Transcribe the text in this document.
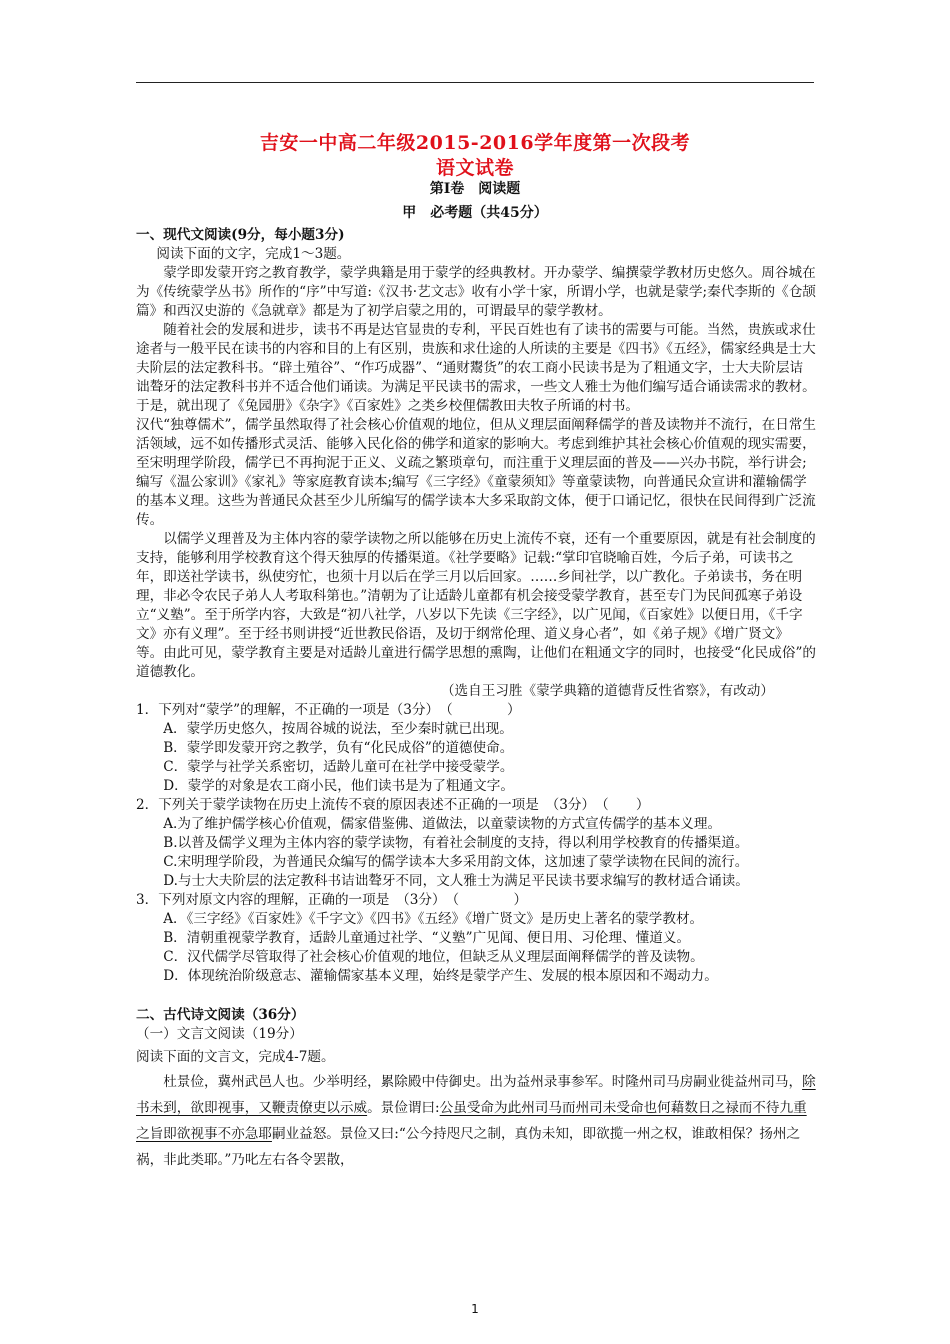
吉安一中高二年级2015-2016学年度第一次段考
语文试卷
第Ⅰ卷　阅读题
甲　必考题（共45分）

一、现代文阅读(9分，每小题3分)

阅读下面的文字，完成1～3题。

蒙学即发蒙开窍之教育教学，蒙学典籍是用于蒙学的经典教材。开办蒙学、编撰蒙学教材历史悠久。周谷城在为《传统蒙学丛书》所作的“序”中写道:《汉书·艺文志》收有小学十家，所谓小学，也就是蒙学;秦代李斯的《仓颉篇》和西汉史游的《急就章》都是为了初学启蒙之用的，可谓最早的蒙学教材。

随着社会的发展和进步，读书不再是达官显贵的专利，平民百姓也有了读书的需要与可能。当然，贵族或求仕途者与一般平民在读书的内容和目的上有区别，贵族和求仕途的人所读的主要是《四书》《五经》，儒家经典是士大夫阶层的法定教科书。“辟土殖谷”、“作巧成器”、“通财鬻货”的农工商小民读书是为了粗通文字，士大夫阶层诘诎聱牙的法定教科书并不适合他们诵读。为满足平民读书的需求，一些文人雅士为他们编写适合诵读需求的教材。于是，就出现了《兔园册》《杂字》《百家姓》之类乡校俚儒教田夫牧子所诵的村书。

汉代“独尊儒术”，儒学虽然取得了社会核心价值观的地位，但从义理层面阐释儒学的普及读物并不流行，在日常生活领域，远不如传播形式灵活、能够入民化俗的佛学和道家的影响大。考虑到维护其社会核心价值观的现实需要，至宋明理学阶段，儒学已不再拘泥于正义、义疏之繁琐章句，而注重于义理层面的普及——兴办书院，举行讲会;编写《温公家训》《家礼》等家庭教育读本;编写《三字经》《童蒙须知》等童蒙读物，向普通民众宣讲和灌输儒学的基本义理。这些为普通民众甚至少儿所编写的儒学读本大多采取韵文体，便于口诵记忆，很快在民间得到广泛流传。

以儒学义理普及为主体内容的蒙学读物之所以能够在历史上流传不衰，还有一个重要原因，就是有社会制度的支持，能够利用学校教育这个得天独厚的传播渠道。《社学要略》记载:“掌印官晓喻百姓，今后子弟，可读书之年，即送社学读书，纵使穷忙，也须十月以后在学三月以后回家。……乡间社学，以广教化。子弟读书，务在明理，非必令农民子弟人人考取科第也。”清朝为了让适龄儿童都有机会接受蒙学教育，甚至专门为民间孤寒子弟设立“义塾”。至于所学内容，大致是“初八社学，八岁以下先读《三字经》，以广见闻，《百家姓》以便日用，《千字文》亦有义理”。至于经书则讲授“近世教民俗语，及切于纲常伦理、道义身心者”，如《弟子规》《增广贤文》等。由此可见，蒙学教育主要是对适龄儿童进行儒学思想的熏陶，让他们在粗通文字的同时，也接受“化民成俗”的道德教化。

（选自王习胜《蒙学典籍的道德背反性省察》，有改动）

1．下列对“蒙学”的理解，不正确的一项是（3分）　（　　　　）

A．蒙学历史悠久，按周谷城的说法，至少秦时就已出现。

B．蒙学即发蒙开窍之教学，负有“化民成俗”的道德使命。

C．蒙学与社学关系密切，适龄儿童可在社学中接受蒙学。

D．蒙学的对象是农工商小民，他们读书是为了粗通文字。

2．下列关于蒙学读物在历史上流传不衰的原因表述不正确的一项是　（3分）　（　　）

A.为了维护儒学核心价值观，儒家借鉴佛、道做法，以童蒙读物的方式宣传儒学的基本义理。

B.以普及儒学义理为主体内容的蒙学读物，有着社会制度的支持，得以利用学校教育的传播渠道。

C.宋明理学阶段，为普通民众编写的儒学读本大多采用韵文体，这加速了蒙学读物在民间的流行。

D.与士大夫阶层的法定教科书诘诎聱牙不同，文人雅士为满足平民读书要求编写的教材适合诵读。

3．下列对原文内容的理解，正确的一项是　（3分）　（　　　　）

A．《三字经》《百家姓》《千字文》《四书》《五经》《增广贤文》是历史上著名的蒙学教材。

B．清朝重视蒙学教育，适龄儿童通过社学、“义塾”广见闻、便日用、习伦理、懂道义。

C．汉代儒学尽管取得了社会核心价值观的地位，但缺乏从义理层面阐释儒学的普及读物。

D．体现统治阶级意志、灌输儒家基本义理，始终是蒙学产生、发展的根本原因和不竭动力。

二、古代诗文阅读（36分）

（一）文言文阅读（19分）

阅读下面的文言文，完成4-7题。

杜景俭，冀州武邑人也。少举明经，累除殿中侍御史。出为益州录事参军。时隆州司马房嗣业徙益州司马，除书未到，欲即视事，又鞭责僚吏以示威。景俭谓曰:公虽受命为此州司马而州司未受命也何藉数日之禄而不待九重之旨即欲视事不亦急耶嗣业益怒。景俭又曰:“公今持咫尺之制，真伪未知，即欲揽一州之权，谁敢相保？扬州之祸，非此类耶。”乃叱左右各令罢散，

1
